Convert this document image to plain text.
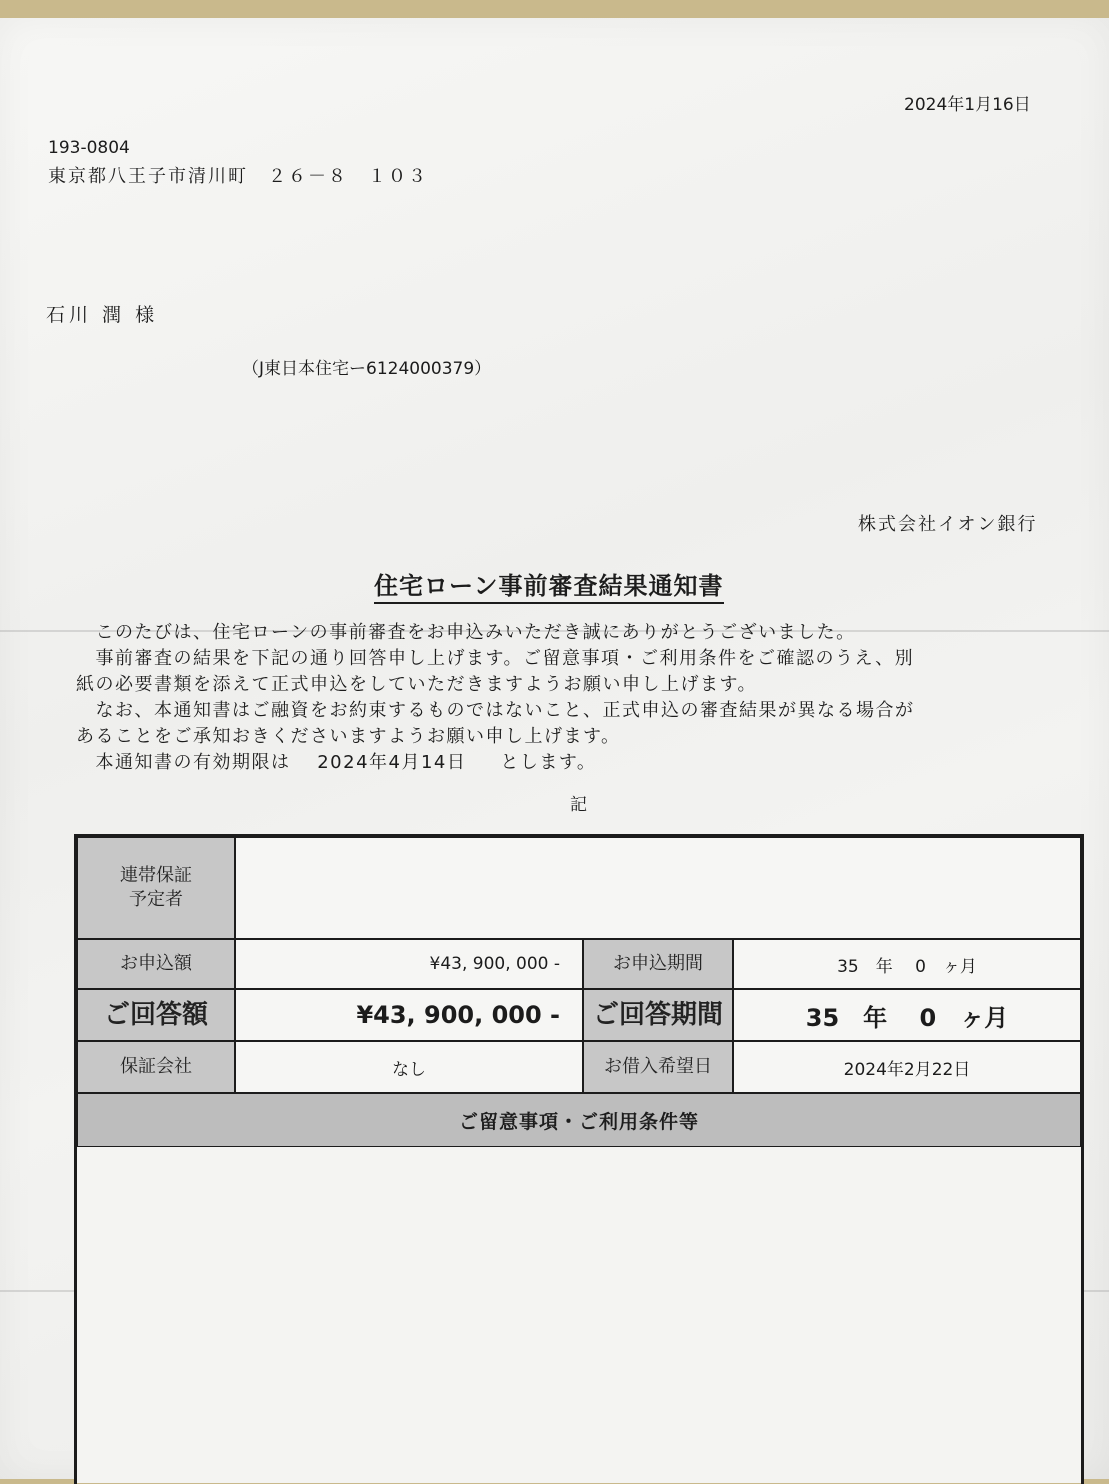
2024年1月16日
193-0804
東京都八王子市清川町　２６－８　１０３
石川 潤 様
（J東日本住宅ー6124000379）
株式会社イオン銀行
住宅ローン事前審査結果通知書
　このたびは、住宅ローンの事前審査をお申込みいただき誠にありがとうございました。
　事前審査の結果を下記の通り回答申し上げます。ご留意事項・ご利用条件をご確認のうえ、別
紙の必要書類を添えて正式申込をしていただきますようお願い申し上げます。
　なお、本通知書はご融資をお約束するものではないこと、正式申込の審査結果が異なる場合が
あることをご承知おきくださいますようお願い申し上げます。
　本通知書の有効期限は　 2024年4月14日 　 とします。
記
連帯保証
予定者
お申込額	¥43, 900, 000 -	お申込期間	35　年　 0　ヶ月
ご回答額	¥43, 900, 000 -	ご回答期間	35　年　 0　ヶ月
保証会社	なし	お借入希望日	2024年2月22日
ご留意事項・ご利用条件等
